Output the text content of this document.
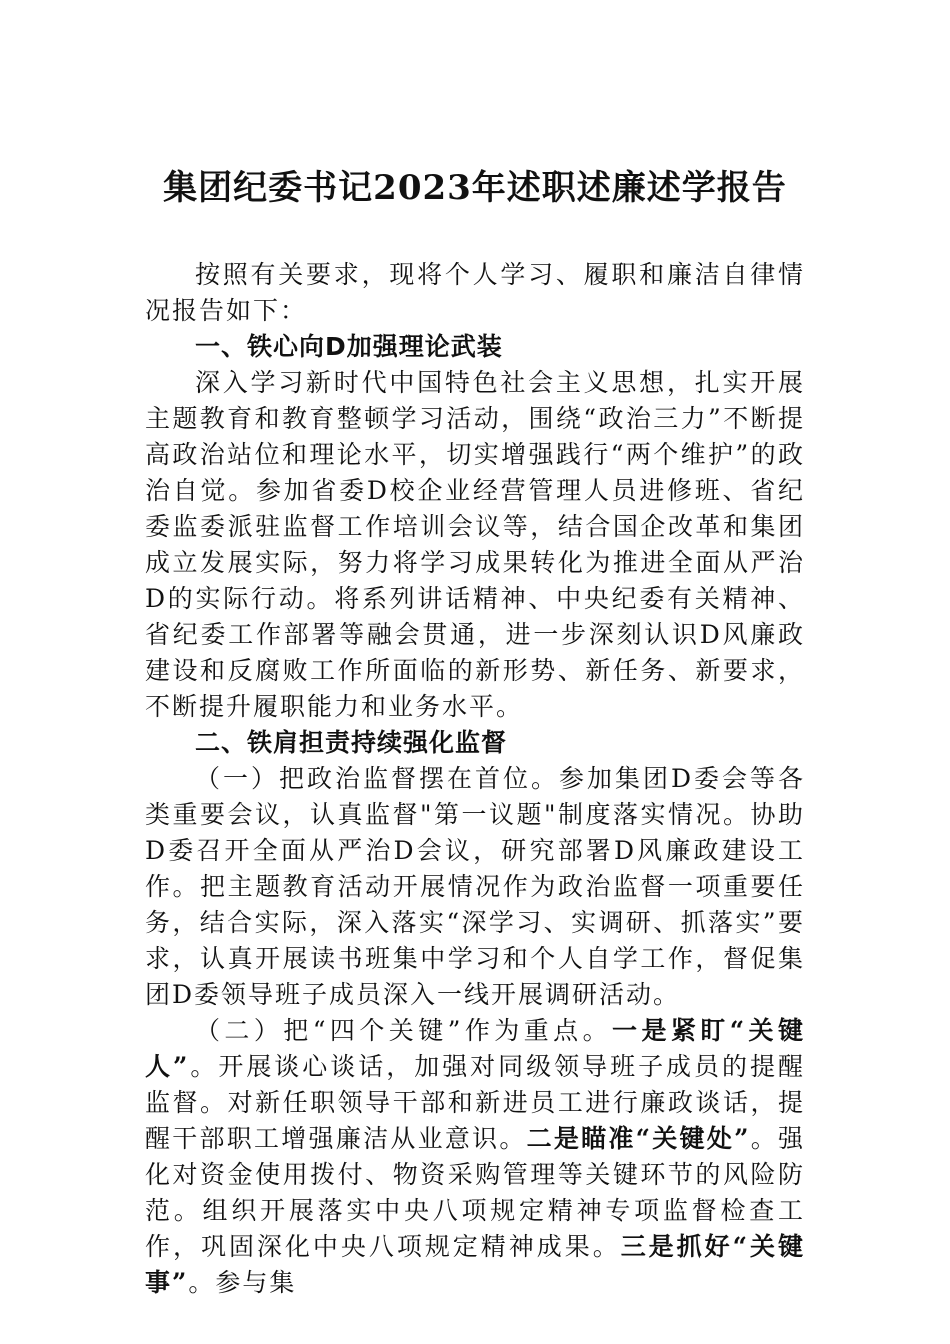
集团纪委书记2023年述职述廉述学报告

按照有关要求，现将个人学习、履职和廉洁自律情况报告如下：

一、铁心向D加强理论武装

深入学习新时代中国特色社会主义思想，扎实开展主题教育和教育整顿学习活动，围绕“政治三力”不断提高政治站位和理论水平，切实增强践行“两个维护”的政治自觉。参加省委D校企业经营管理人员进修班、省纪委监委派驻监督工作培训会议等，结合国企改革和集团成立发展实际，努力将学习成果转化为推进全面从严治D的实际行动。将系列讲话精神、中央纪委有关精神、省纪委工作部署等融会贯通，进一步深刻认识D风廉政建设和反腐败工作所面临的新形势、新任务、新要求，不断提升履职能力和业务水平。

二、铁肩担责持续强化监督

（一）把政治监督摆在首位。参加集团D委会等各类重要会议，认真监督"第一议题"制度落实情况。协助D委召开全面从严治D会议，研究部署D风廉政建设工作。把主题教育活动开展情况作为政治监督一项重要任务，结合实际，深入落实“深学习、实调研、抓落实”要求，认真开展读书班集中学习和个人自学工作，督促集团D委领导班子成员深入一线开展调研活动。

（二）把“四个关键”作为重点。一是紧盯“关键人”。开展谈心谈话，加强对同级领导班子成员的提醒监督。对新任职领导干部和新进员工进行廉政谈话，提醒干部职工增强廉洁从业意识。二是瞄准“关键处”。强化对资金使用拨付、物资采购管理等关键环节的风险防范。组织开展落实中央八项规定精神专项监督检查工作，巩固深化中央八项规定精神成果。三是抓好“关键事”。参与集
